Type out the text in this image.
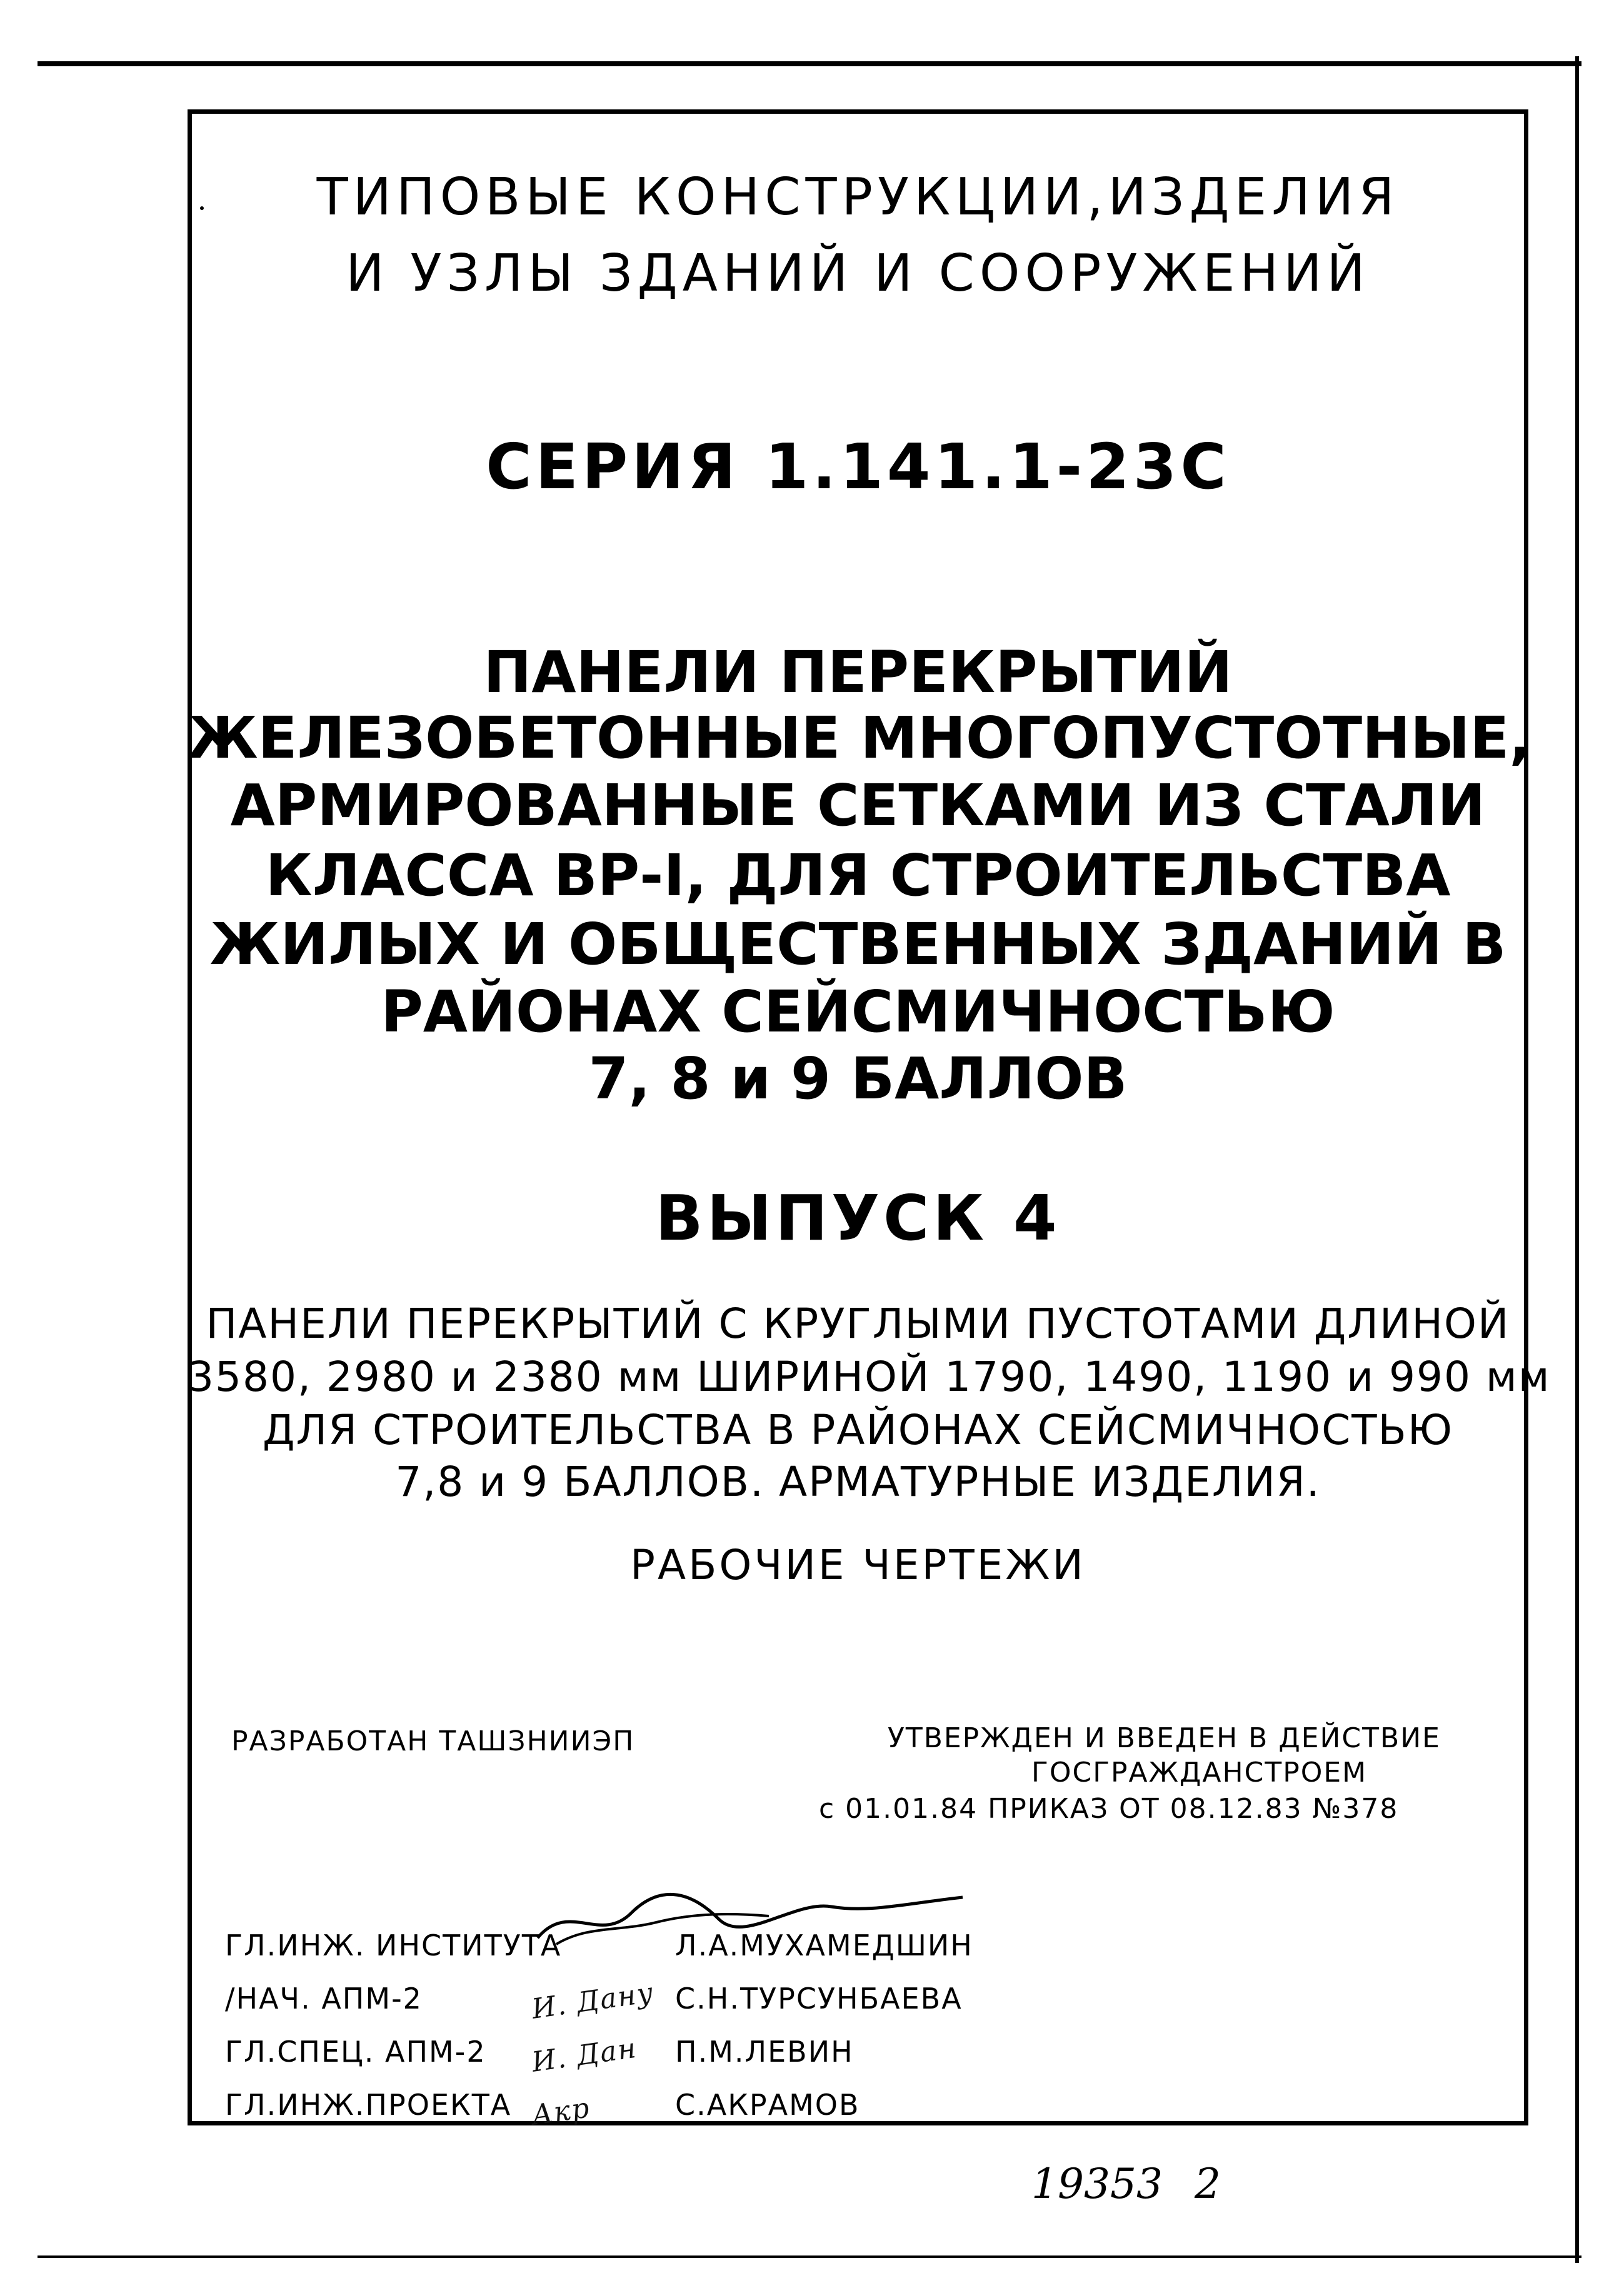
ТИПОВЫЕ КОНСТРУКЦИИ,ИЗДЕЛИЯ
И УЗЛЫ ЗДАНИЙ И СООРУЖЕНИЙ
СЕРИЯ 1.141.1-23С
ПАНЕЛИ ПЕРЕКРЫТИЙ
ЖЕЛЕЗОБЕТОННЫЕ МНОГОПУСТОТНЫЕ,
АРМИРОВАННЫЕ СЕТКАМИ ИЗ СТАЛИ
КЛАССА ВР-I, ДЛЯ СТРОИТЕЛЬСТВА
ЖИЛЫХ И ОБЩЕСТВЕННЫХ ЗДАНИЙ В
РАЙОНАХ СЕЙСМИЧНОСТЬЮ
7, 8 и 9 БАЛЛОВ
ВЫПУСК 4
ПАНЕЛИ ПЕРЕКРЫТИЙ С КРУГЛЫМИ ПУСТОТАМИ ДЛИНОЙ
3580, 2980 и 2380 мм ШИРИНОЙ 1790, 1490, 1190 и 990 мм
ДЛЯ СТРОИТЕЛЬСТВА В РАЙОНАХ СЕЙСМИЧНОСТЬЮ
7,8 и 9 БАЛЛОВ. АРМАТУРНЫЕ ИЗДЕЛИЯ.
РАБОЧИЕ ЧЕРТЕЖИ
РАЗРАБОТАН ТАШЗНИИЭП	УТВЕРЖДЕН И ВВЕДЕН В ДЕЙСТВИЕ
ГОСГРАЖДАНСТРОЕМ
с 01.01.84 ПРИКАЗ ОТ 08.12.83 №378
ГЛ.ИНЖ. ИНСТИТУТА	Л.А.МУХАМЕДШИН
/НАЧ. АПМ-2	И. Дану С.Н.ТУРСУНБАЕВА
ГЛ.СПЕЦ. АПМ-2 И. Дан П.М.ЛЕВИН
ГЛ.ИНЖ.ПРОЕКТА Акр	С.АКРАМОВ
19353 2
